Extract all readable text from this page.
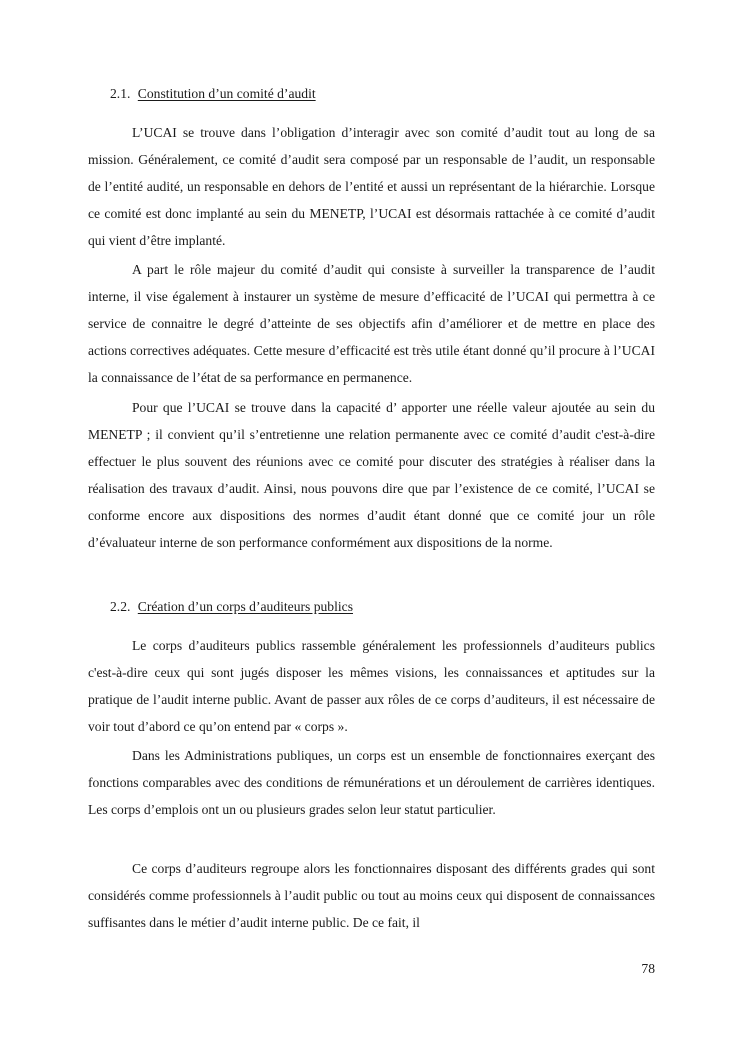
2.1. Constitution d’un comité d’audit

L’UCAI se trouve dans l’obligation d’interagir avec son comité d’audit tout au long de sa mission. Généralement, ce comité d’audit sera composé par un responsable de l’audit, un responsable de l’entité audité, un responsable en dehors de l’entité et aussi un représentant de la hiérarchie. Lorsque ce comité est donc implanté au sein du MENETP, l’UCAI est désormais rattachée à ce comité d’audit qui vient d’être implanté.

A part le rôle majeur du comité d’audit qui consiste à surveiller la transparence de l’audit interne, il vise également à instaurer un système de mesure d’efficacité de l’UCAI qui permettra à ce service de connaitre le degré d’atteinte de ses objectifs afin d’améliorer et de mettre en place des actions correctives adéquates. Cette mesure d’efficacité est très utile étant donné qu’il procure à l’UCAI la connaissance de l’état de sa performance en permanence.

Pour que l’UCAI se trouve dans la capacité d’ apporter une réelle valeur ajoutée au sein du MENETP ; il convient qu’il s’entretienne une relation permanente avec ce comité d’audit c'est-à-dire effectuer le plus souvent des réunions avec ce comité pour discuter des stratégies à réaliser dans la réalisation des travaux d’audit. Ainsi, nous pouvons dire que par l’existence de ce comité, l’UCAI se conforme encore aux dispositions des normes d’audit étant donné que ce comité jour un rôle d’évaluateur interne de son performance conformément aux dispositions de la norme.

2.2. Création d’un corps d’auditeurs publics

Le corps d’auditeurs publics rassemble généralement les professionnels d’auditeurs publics c'est-à-dire ceux qui sont jugés disposer les mêmes visions, les connaissances et aptitudes sur la pratique de l’audit interne public. Avant de passer aux rôles de ce corps d’auditeurs, il est nécessaire de voir tout d’abord ce qu’on entend par « corps ».

Dans les Administrations publiques, un corps est un ensemble de fonctionnaires exerçant des fonctions comparables avec des conditions de rémunérations et un déroulement de carrières identiques. Les corps d’emplois ont un ou plusieurs grades selon leur statut particulier.

Ce corps d’auditeurs regroupe alors les fonctionnaires disposant des différents grades qui sont considérés comme professionnels à l’audit public ou tout au moins ceux qui disposent de connaissances suffisantes dans le métier d’audit interne public. De ce fait, il

78
